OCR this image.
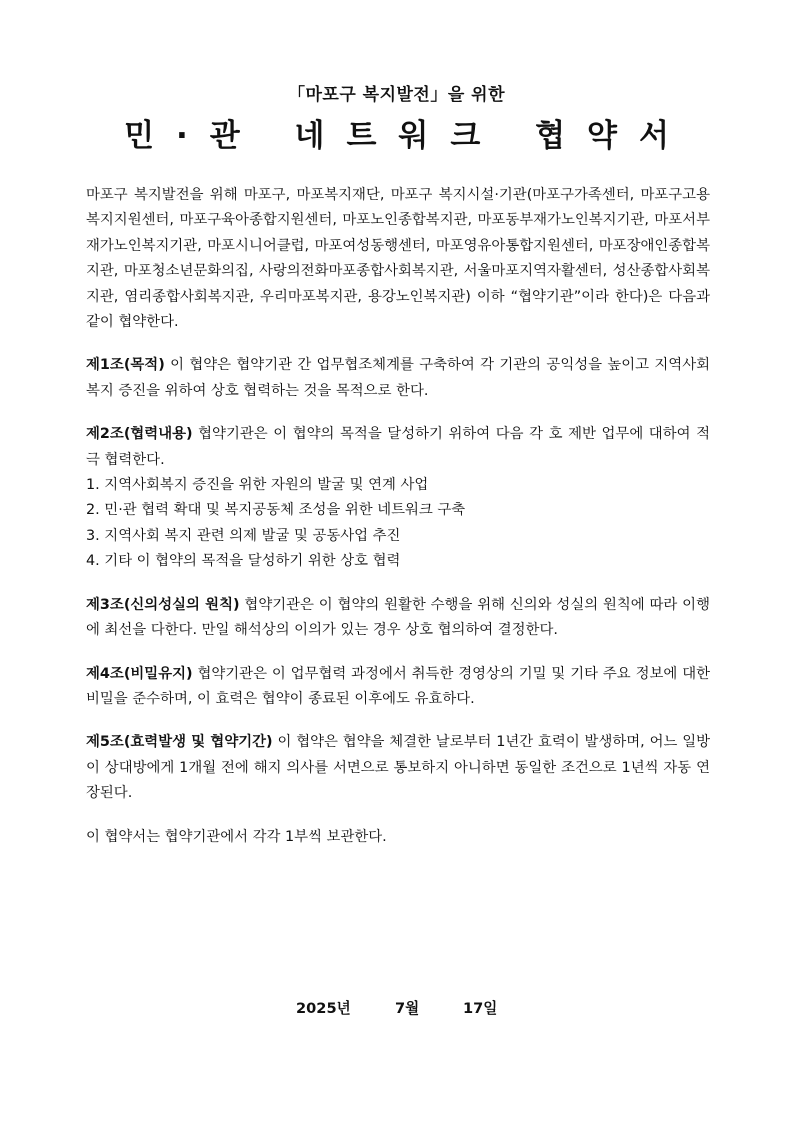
「마포구 복지발전」을 위한
민·관 네트워크 협약서

마포구 복지발전을 위해 마포구, 마포복지재단, 마포구 복지시설·기관(마포구가족센터, 마포구고용복지지원센터, 마포구육아종합지원센터, 마포노인종합복지관, 마포동부재가노인복지기관, 마포서부재가노인복지기관, 마포시니어클럽, 마포여성동행센터, 마포영유아통합지원센터, 마포장애인종합복지관, 마포청소년문화의집, 사랑의전화마포종합사회복지관, 서울마포지역자활센터, 성산종합사회복지관, 염리종합사회복지관, 우리마포복지관, 용강노인복지관) 이하 “협약기관”이라 한다)은 다음과 같이 협약한다.

제1조(목적) 이 협약은 협약기관 간 업무협조체계를 구축하여 각 기관의 공익성을 높이고 지역사회 복지 증진을 위하여 상호 협력하는 것을 목적으로 한다.

제2조(협력내용) 협약기관은 이 협약의 목적을 달성하기 위하여 다음 각 호 제반 업무에 대하여 적극 협력한다.
1. 지역사회복지 증진을 위한 자원의 발굴 및 연계 사업
2. 민·관 협력 확대 및 복지공동체 조성을 위한 네트워크 구축
3. 지역사회 복지 관련 의제 발굴 및 공동사업 추진
4. 기타 이 협약의 목적을 달성하기 위한 상호 협력

제3조(신의성실의 원칙) 협약기관은 이 협약의 원활한 수행을 위해 신의와 성실의 원칙에 따라 이행에 최선을 다한다. 만일 해석상의 이의가 있는 경우 상호 협의하여 결정한다.

제4조(비밀유지) 협약기관은 이 업무협력 과정에서 취득한 경영상의 기밀 및 기타 주요 정보에 대한 비밀을 준수하며, 이 효력은 협약이 종료된 이후에도 유효하다.

제5조(효력발생 및 협약기간) 이 협약은 협약을 체결한 날로부터 1년간 효력이 발생하며, 어느 일방이 상대방에게 1개월 전에 해지 의사를 서면으로 통보하지 아니하면 동일한 조건으로 1년씩 자동 연장된다.

이 협약서는 협약기관에서 각각 1부씩 보관한다.

2025년	7월	17일
